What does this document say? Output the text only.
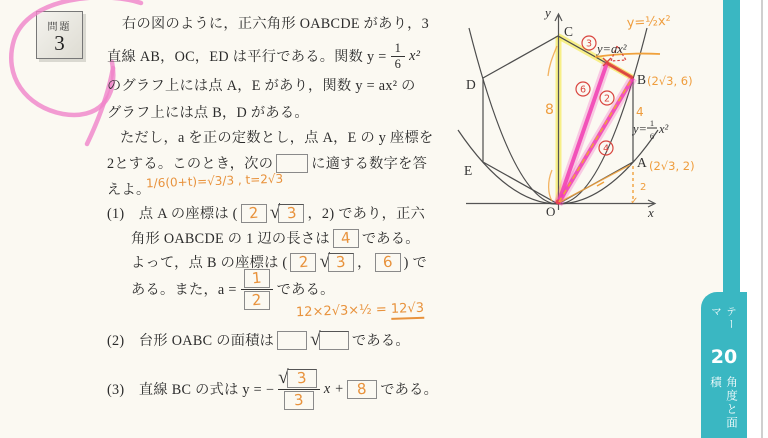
問題
3
右の図のように，正六角形 OABCDE があり，3
直線 AB，OC，ED は平行である。関数 $y = \frac{1}{6} x^2$
のグラフ上には点 A，E があり，関数 y = ax² の
グラフ上には点 B，D がある。
ただし，a を正の定数とし，点 A，E の y 座標を
2とする。このとき，次の	に適する数字を答
えよ。
1/6(0+t)=√3/3 , t=2√3
(1)　点 A の座標は ( 2 √ 3 ，2) であり，正六
角形 OABCDE の 1 辺の長さは 4 である。
よって，点 B の座標は ( 2 √ 3 ， 6 ) で
ある。また，$a = \frac{1}{2}$ である。
12×2√3×½ = 12√3
(2)　台形 OABC の面積は √ である。
(3)　直線 BC の式は y = − $\frac{√ 3}{3}$ x + 8 である。
3
6
2
4
y
x
O
C
B
A
D
E
y=ax²
y= 1
6 x²
y=½x²
(2√3, 6)
(2√3, 2)
8	4
2
✓
テーマ
20
角度と面積
